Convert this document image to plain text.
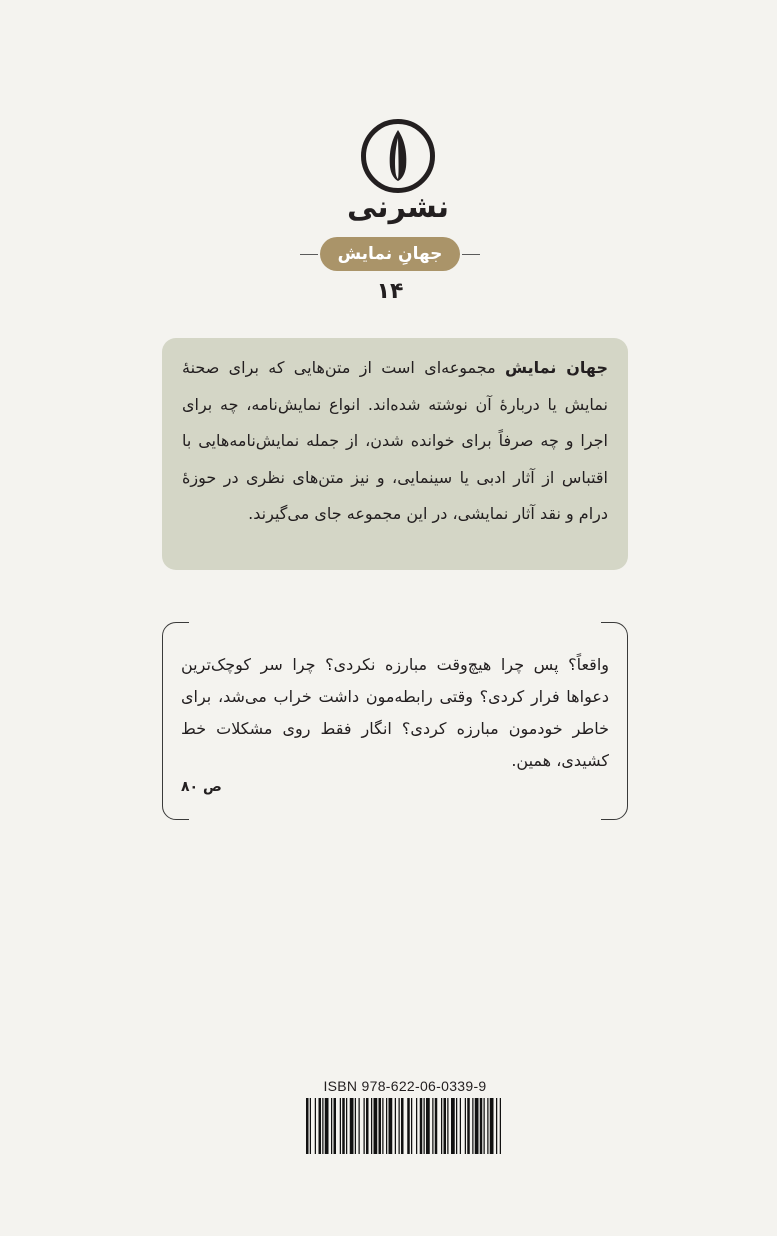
نشرنی
جهانِ نمایش
۱۴
جهان نمایش مجموعه‌ای است از متن‌هایی که برای صحنهٔ نمایش یا دربارهٔ آن نوشته شده‌اند. انواع نمایش‌نامه، چه برای اجرا و چه صرفاً برای خوانده شدن، از جمله نمایش‌نامه‌هایی با اقتباس از آثار ادبی یا سینمایی، و نیز متن‌های نظری در حوزهٔ درام و نقد آثار نمایشی، در این مجموعه جای می‌گیرند.
واقعاً؟ پس چرا هیچ‌وقت مبارزه نکردی؟ چرا سر کوچک‌ترین دعواها فرار کردی؟ وقتی رابطه‌مون داشت خراب می‌شد، برای خاطر خودمون مبارزه کردی؟ انگار فقط روی مشکلات خط کشیدی، همین.
ص ۸۰
ISBN 978-622-06-0339-9
